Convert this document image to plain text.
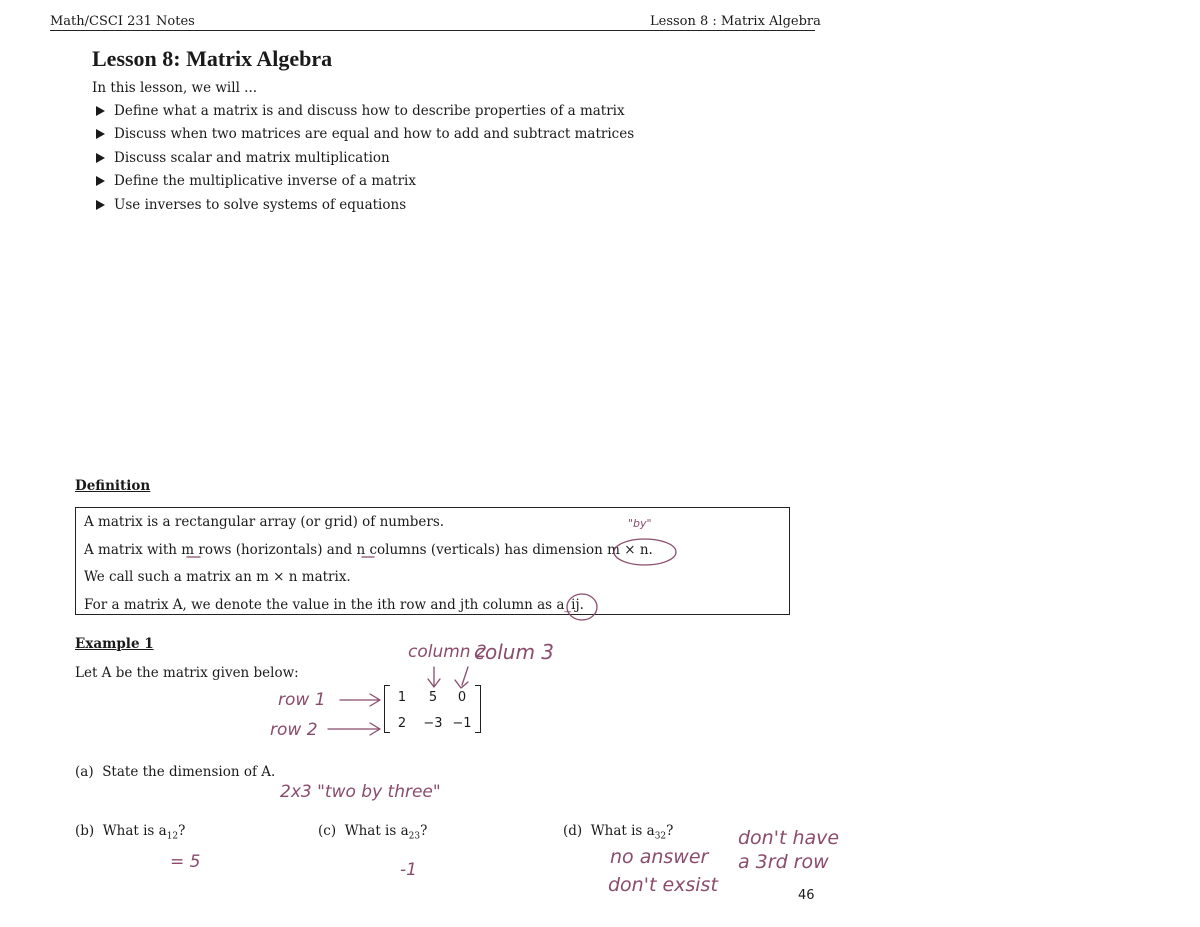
Math/CSCI 231 Notes	Lesson 8 : Matrix Algebra
Lesson 8: Matrix Algebra
In this lesson, we will ...
Define what a matrix is and discuss how to describe properties of a matrix
Discuss when two matrices are equal and how to add and subtract matrices
Discuss scalar and matrix multiplication
Define the multiplicative inverse of a matrix
Use inverses to solve systems of equations
Definition
A matrix is a rectangular array (or grid) of numbers.
A matrix with m rows (horizontals) and n columns (verticals) has dimension m × n.
We call such a matrix an m × n matrix.
For a matrix A, we denote the value in the ith row and jth column as a_ij.
Example 1
Let A be the matrix given below:
1	5	0
2	−3 −1
(a) State the dimension of A.
(b) What is $a_{12}$?	(c) What is $a_{23}$?	(d) What is $a_{32}$?
"by"
column 2
colum 3
row 1
row 2
2x3 "two by three"
= 5	-1
no answer
don't exsist
don't have a 3rd row
46
